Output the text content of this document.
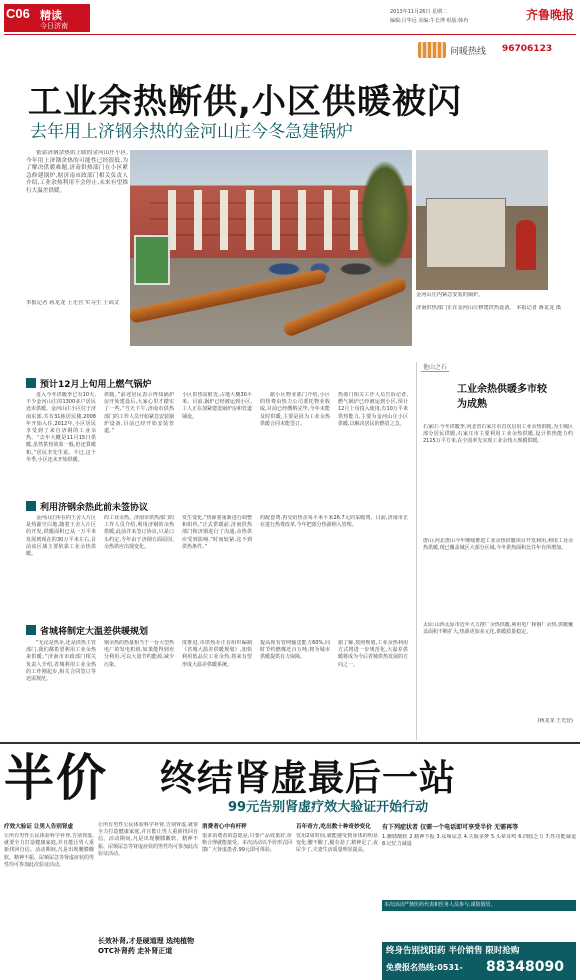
C06 精读
今日济南
2013年11月26日 星期二
编辑:吕华远 美编:牛长博 组版:韩冉	齐鲁晚报
问暖热线 96706123
工业余热断供,小区供暖被闪
去年用上济钢余热的金河山庄今冬急建锅炉

依靠济钢余热供上暖的金河山庄小区,今年用上济钢余热的可能性已经很低,为了解决供暖难题,济南供热部门在小区紧急修建锅炉,据济南市政部门相关负责人介绍,工业余热利用不会停止,未来有望推行大温差供暖。

本报记者 蒋龙龙 王光营 实习生 王锦文

金河山庄内紧急安装的锅炉。

济南供热部门正在金河山庄修建供热设备。 本报记者 蒋龙龙 摄

预计12月上旬用上燃气锅炉

进入今冬供暖季已有10天,不少金河山庄的1300多户居民还未供暖。金河山庄小区位于济南东部,共有31栋居民楼,2008年开始入住,2012年,小区居民享受到了来自济钢的工业余热。“去年大概是11月15日供暖,虽然供热效果一般,但还算暖和。”居民李先生说。不过,这个冬季,小区还未开始供暖。

供暖。”前述居民表示得知锅炉房开始建设后,大家心里才踏实了一些,“当天下午,济南市供热部门的工作人员开始紧急安装锅炉设备,目前已经开始安装管道。”

小区供热站附近,占地大概30平米。目前,锅炉已经被运到小区,工人正在加紧建设锅炉房和管道铺设。

据小区物业部门介绍,小区的热费由热力公司委托物业收取,目前已经缴纳完毕,今年未能及时供暖,主要是因为工业余热供暖合同未能签订。

热部门相关工作人员告诉记者,燃气锅炉已经被运到小区,预计12月上旬投入使用,有10万平米供热能力,主要为金河山庄小区供暖,以解决居民的燃眉之急。

利用济钢余热此前未签协议

金河山庄所在的王舍人片区是热源空白地,随着王舍人片区的开发,供暖面积已从一万平米发展到现在的30万平米左右,目前该区域主要依靠工业余热供暖。

的工业余热。济南市供热部门的工作人员介绍,利用济钢的余热供暖,此前并未签订协议,只是口头约定,今年由于济钢方面原因,余热供应出现变化。

发生变化,“热源要重新进行调整和组织,”正式供暖前,济南供热部门和济钢进行了沟通,余热供应受到影响,“时间较紧,这不到供热条件。”

的配套费,再交给热企每平米平米26.7元的采暖费。目前,济南市正在进行热费改革,今年把部分热源纳入管理。

省城将制定大温差供暖规划

“无论是热企,还是供热主管部门,我们都希望利用工业余热来供暖。”济南市市政部门相关负责人介绍,省城利用工业余热的工作刚起步,相关合同签订等还需规范。

钢余热的热量相当于一台大型热电厂的发电机组,如果能得到充分利用,可以大量节约能源,减少污染。

度推进,市供热办正在组织编制《省城大温差供暖规划》,加快利用低品位工业余热,将来有望形成大温差供暖系统。

提高现有管网输送能力60%,同时节约燃煤近百万吨,将为城市供暖提供有力保障。

据了解,按照规划,工业余热利用方式将进一步规范化,大温差供暖将成为今后省城供热发展的方向之一。

他山之石
工业余热供暖多市较为成熟

石家庄:今冬供暖季,河北省石家庄市首次启用工业余热供暖,为主城区部分居民供暖,石家庄市主要利用工业余热供暖,设计供热能力约2115万平方米,在全国率先实现工业余热大规模供暖。

唐山:河北唐山今年继续推进工业余热供暖项目开发利用,利用工业余热供暖,现已覆盖城区大部分区域,今冬供热面积比往年有所增加。

太原:山西太原市近年大力推广余热供暖,利用电厂和钢厂余热,供暖覆盖面积不断扩大,热源更加多元化,供暖质量稳定。

(蒋龙龙 王光营)

半价 终结肾虚最后一站
99元告别肾虚疗效大验证开始行动

疗效大验证 让男人告别肾虚

让所有男性公民体验科学补肾,告别肾虚,就要全力打造健康家庭,并且能让男人重新找回自信。活动期间,凡是出现腰膝酸软、精神不振、尿频尿急等肾虚症状的男性均可参加此次验证活动。

让所有男性公民体验科学补肾,告别肾虚,就要全力打造健康家庭,并且能让男人重新找回自信。活动期间,凡是出现腰膝酸软、精神不振、尿频尿急等肾虚症状的男性均可参加此次验证活动。

长效补肾,才是硬道理 选纯植物OTC补肾药 走补肾正道

消费者心中有杆秤

很多消费者的意愿是,只要产品效果好,价格合理就能接受。本次活动以半价形式回馈广大肾虚患者,99元即可体验。

百年奇方,吃出数十种奇妙变化

仅用2周时间,就能感受到身体的明显变化:腰不酸了,腿有劲了,精神足了,夜尿少了,夫妻生活质量明显提高。

有下列症状者 仅需一个电话即可享受半价 无需再等

1.腰膝酸软 2.精神不振 3.尿频尿急 4.失眠多梦 5.头晕耳鸣 6.四肢乏力 7.性功能减退 8.记忆力减退

本次活动严禁医药代表和医务人员参与,谨防假冒。

终身告别找阳药 半价销售 限时抢购
免费报名热线:0531- 88348090
